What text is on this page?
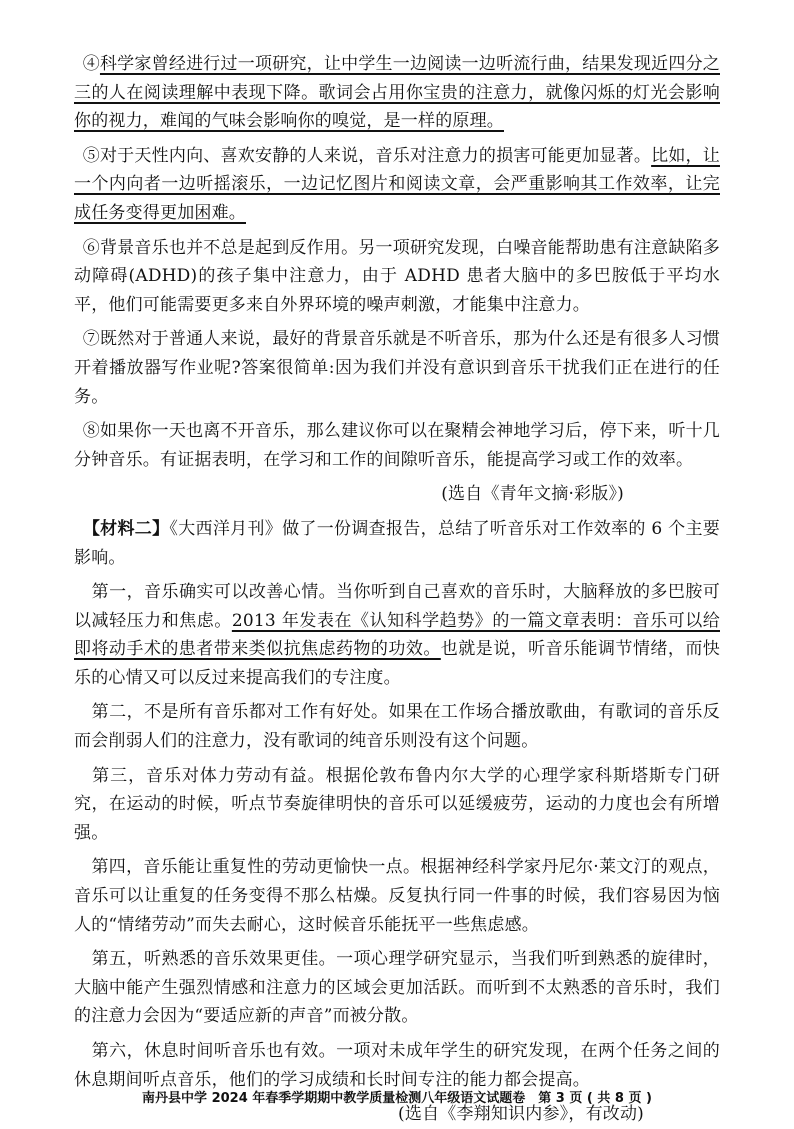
 ④科学家曾经进行过一项研究，让中学生一边阅读一边听流行曲，结果发现近四分之三的人在阅读理解中表现下降。歌词会占用你宝贵的注意力，就像闪烁的灯光会影响你的视力，难闻的气味会影响你的嗅觉，是一样的原理。

 ⑤对于天性内向、喜欢安静的人来说，音乐对注意力的损害可能更加显著。比如，让一个内向者一边听摇滚乐，一边记忆图片和阅读文章，会严重影响其工作效率，让完成任务变得更加困难。

 ⑥背景音乐也并不总是起到反作用。另一项研究发现，白噪音能帮助患有注意缺陷多动障碍(ADHD)的孩子集中注意力，由于 ADHD 患者大脑中的多巴胺低于平均水平，他们可能需要更多来自外界环境的噪声刺激，才能集中注意力。

 ⑦既然对于普通人来说，最好的背景音乐就是不听音乐，那为什么还是有很多人习惯开着播放器写作业呢?答案很简单:因为我们并没有意识到音乐干扰我们正在进行的任务。

 ⑧如果你一天也离不开音乐，那么建议你可以在聚精会神地学习后，停下来，听十几分钟音乐。有证据表明，在学习和工作的间隙听音乐，能提高学习或工作的效率。

(选自《青年文摘·彩版》)

 【材料二】《大西洋月刊》做了一份调查报告，总结了听音乐对工作效率的 6 个主要影响。

  第一，音乐确实可以改善心情。当你听到自己喜欢的音乐时，大脑释放的多巴胺可以减轻压力和焦虑。2013 年发表在《认知科学趋势》的一篇文章表明：音乐可以给即将动手术的患者带来类似抗焦虑药物的功效。也就是说，听音乐能调节情绪，而快乐的心情又可以反过来提高我们的专注度。

  第二，不是所有音乐都对工作有好处。如果在工作场合播放歌曲，有歌词的音乐反而会削弱人们的注意力，没有歌词的纯音乐则没有这个问题。

  第三，音乐对体力劳动有益。根据伦敦布鲁内尔大学的心理学家科斯塔斯专门研究，在运动的时候，听点节奏旋律明快的音乐可以延缓疲劳，运动的力度也会有所增强。

  第四，音乐能让重复性的劳动更愉快一点。根据神经科学家丹尼尔·莱文汀的观点，音乐可以让重复的任务变得不那么枯燥。反复执行同一件事的时候，我们容易因为恼人的“情绪劳动”而失去耐心，这时候音乐能抚平一些焦虑感。

  第五，听熟悉的音乐效果更佳。一项心理学研究显示，当我们听到熟悉的旋律时，大脑中能产生强烈情感和注意力的区域会更加活跃。而听到不太熟悉的音乐时，我们的注意力会因为“要适应新的声音”而被分散。

  第六，休息时间听音乐也有效。一项对未成年学生的研究发现，在两个任务之间的休息期间听点音乐，他们的学习成绩和长时间专注的能力都会提高。

(选自《李翔知识内参》，有改动)

南丹县中学 2024 年春季学期期中教学质量检测八年级语文试题卷　第 3 页 ( 共 8 页 )
